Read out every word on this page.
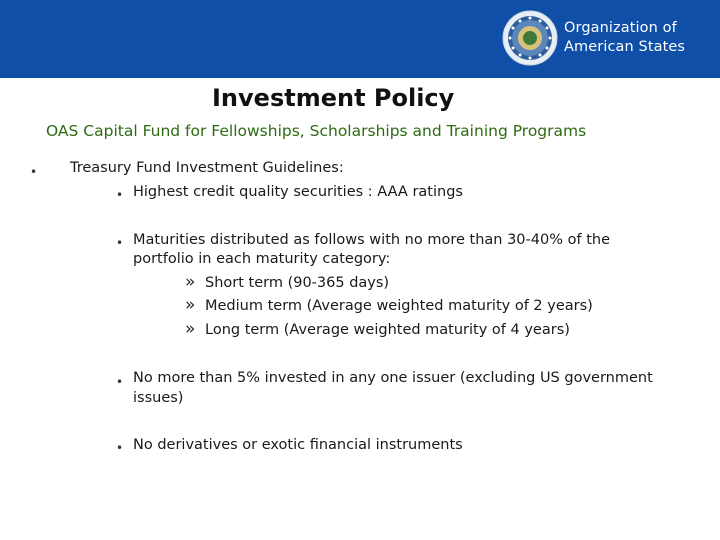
Organization of
American States
Investment Policy
OAS Capital Fund for Fellowships, Scholarships and Training Programs
• Treasury Fund Investment Guidelines:
• Highest credit quality securities : AAA ratings
• Maturities distributed as follows with no more than 30-40% of the
portfolio in each maturity category:
» Short term (90-365 days)
» Medium term (Average weighted maturity of 2 years)
» Long term (Average weighted maturity of 4 years)
• No more than 5% invested in any one issuer (excluding US government
issues)
• No derivatives or exotic financial instruments
